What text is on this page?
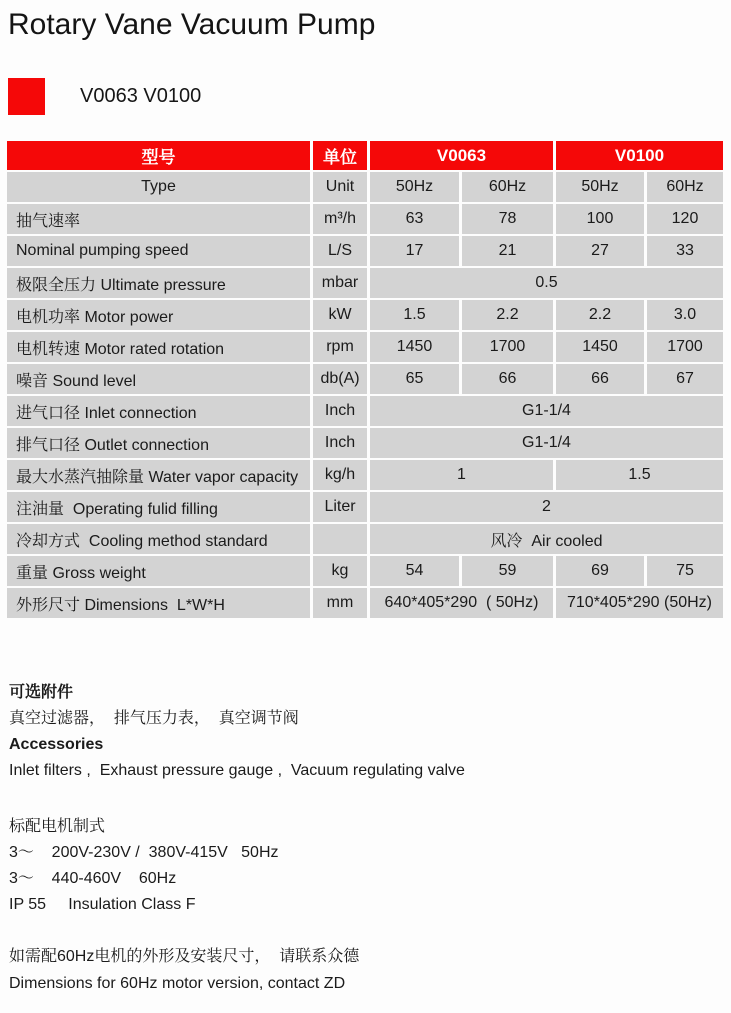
Rotary Vane Vacuum Pump
V0063 V0100
型号	单位	V0063		V0100	
Type	Unit	50Hz	60Hz	50Hz	60Hz
抽气速率	m³/h	63	78	100	120
Nominal pumping speed	L/S	17	21	27	33
极限全压力 Ultimate pressure	mbar	0.5			
电机功率 Motor power	kW	1.5	2.2	2.2	3.0
电机转速 Motor rated rotation	rpm	1450	1700	1450	1700
噪音 Sound level	db(A)	65	66	66	67
进气口径 Inlet connection	Inch	G1-1/4			
排气口径 Outlet connection	Inch	G1-1/4			
最大水蒸汽抽除量 Water vapor capacity	kg/h	1		1.5	
注油量  Operating fulid filling	Liter	2			
冷却方式  Cooling method standard		风冷  Air cooled			
重量 Gross weight	kg	54	59	69	75
外形尺寸 Dimensions  L*W*H	mm	640*405*290  ( 50Hz)		710*405*290 (50Hz)	
可选附件
真空过滤器，  排气压力表，  真空调节阀
Accessories
Inlet filters ,  Exhaust pressure gauge ,  Vacuum regulating valve
标配电机制式
3～    200V-230V /  380V-415V   50Hz
3～    440-460V    60Hz
IP 55     Insulation Class F
如需配60Hz电机的外形及安装尺寸，  请联系众德
Dimensions for 60Hz motor version, contact ZD
